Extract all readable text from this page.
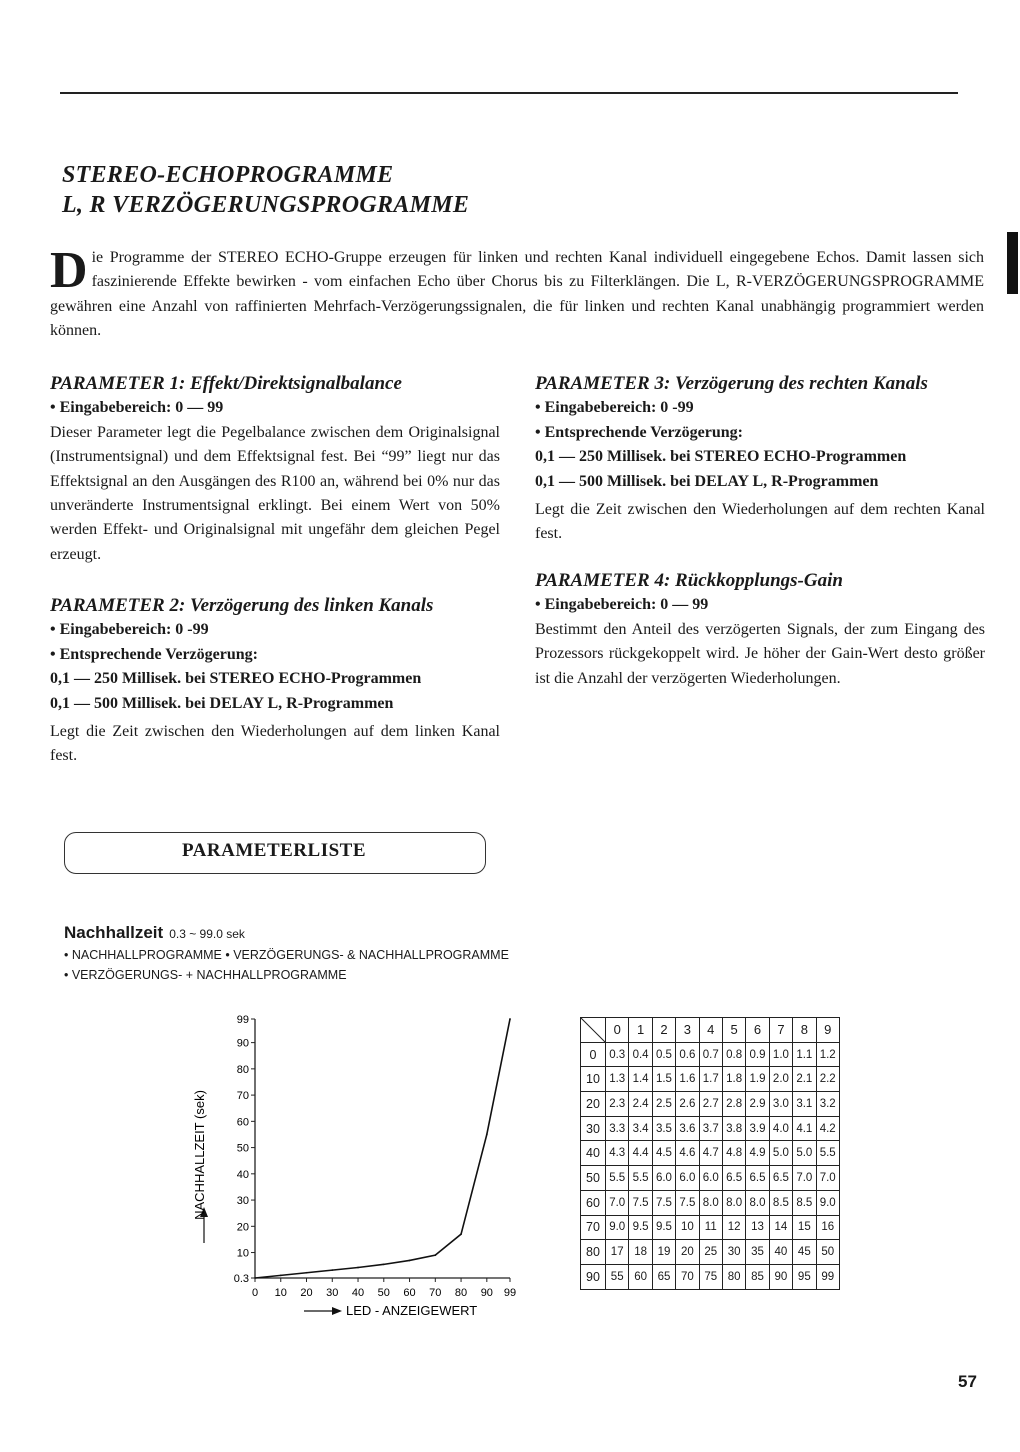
STEREO-ECHOPROGRAMME
L, R VERZÖGERUNGSPROGRAMME
Die Programme der STEREO ECHO-Gruppe erzeugen für linken und rechten Kanal individuell eingegebene Echos. Damit lassen sich faszinierende Effekte bewirken - vom einfachen Echo über Chorus bis zu Filterklängen. Die L, R-VERZÖGERUNGSPROGRAMME gewähren eine Anzahl von raffinierten Mehrfach-Verzögerungssignalen, die für linken und rechten Kanal unabhängig programmiert werden können.
PARAMETER 1: Effekt/Direktsignalbalance
• Eingabebereich: 0 — 99
Dieser Parameter legt die Pegelbalance zwischen dem Originalsignal (Instrumentsignal) und dem Effektsignal fest. Bei “99” liegt nur das Effektsignal an den Ausgängen des R100 an, während bei 0% nur das unveränderte Instrumentsignal erklingt. Bei einem Wert von 50% werden Effekt- und Originalsignal mit ungefähr dem gleichen Pegel erzeugt.
PARAMETER 2: Verzögerung des linken Kanals
• Eingabebereich: 0 -99
• Entsprechende Verzögerung:
0,1 — 250 Millisek. bei STEREO ECHO-Programmen
0,1 — 500 Millisek. bei DELAY L, R-Programmen
Legt die Zeit zwischen den Wiederholungen auf dem linken Kanal fest.
PARAMETER 3: Verzögerung des rechten Kanals
• Eingabebereich: 0 -99
• Entsprechende Verzögerung:
0,1 — 250 Millisek. bei STEREO ECHO-Programmen
0,1 — 500 Millisek. bei DELAY L, R-Programmen
Legt die Zeit zwischen den Wiederholungen auf dem rechten Kanal fest.
PARAMETER 4: Rückkopplungs-Gain
• Eingabebereich: 0 — 99
Bestimmt den Anteil des verzögerten Signals, der zum Eingang des Prozessors rückgekoppelt wird. Je höher der Gain-Wert desto größer ist die Anzahl der verzögerten Wiederholungen.
PARAMETERLISTE
Nachhallzeit 0.3 ~ 99.0 sek
• NACHHALLPROGRAMME • VERZÖGERUNGS- & NACHHALLPROGRAMME
• VERZÖGERUNGS- + NACHHALLPROGRAMME
0.3
10
20
30
40
50
60
70
80
90
99
0 10 20 30 40 50 60 70 80 90 99
NACHHALLZEIT (sek)
LED - ANZEIGEWERT
	0	1	2	3	4	5	6	7	8	9
0	0.3	0.4	0.5	0.6	0.7	0.8	0.9	1.0	1.1	1.2
10	1.3	1.4	1.5	1.6	1.7	1.8	1.9	2.0	2.1	2.2
20	2.3	2.4	2.5	2.6	2.7	2.8	2.9	3.0	3.1	3.2
30	3.3	3.4	3.5	3.6	3.7	3.8	3.9	4.0	4.1	4.2
40	4.3	4.4	4.5	4.6	4.7	4.8	4.9	5.0	5.0	5.5
50	5.5	5.5	6.0	6.0	6.0	6.5	6.5	6.5	7.0	7.0
60	7.0	7.5	7.5	7.5	8.0	8.0	8.0	8.5	8.5	9.0
70	9.0	9.5	9.5	10	11	12	13	14	15	16
80	17	18	19	20	25	30	35	40	45	50
90	55	60	65	70	75	80	85	90	95	99
57
